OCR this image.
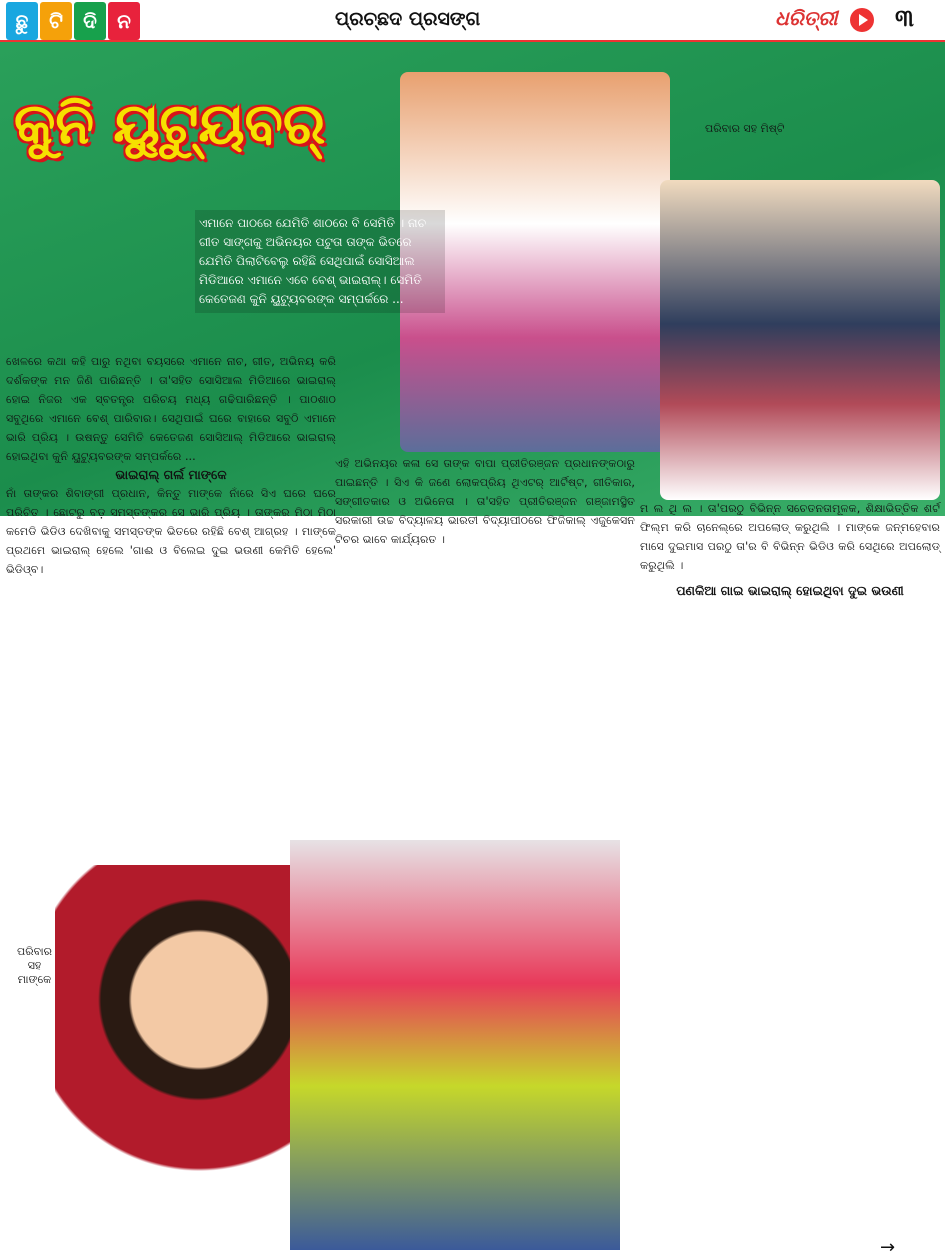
ଛୁ	ଟି	ଦି	ନ	ପ୍ରଚ୍ଛଦ ପ୍ରସଙ୍ଗ	ଧରିତ୍ରୀ ୩
କୁନି ୟୁଟ୍ୟୁବର୍
ଏମାନେ ପାଠରେ ଯେମିତି ଶାଠରେ ବି ସେମିତି । ନାଚ ଗୀତ ସାଙ୍ଗକୁ ଅଭିନୟର ପଟୁତା ତାଙ୍କ ଭିତରେ ଯେମିତି ପିଲାଟିବେଲୁ ରହିଛି ସେଥିପାଇଁ ସୋସିଆଲ ମିଡିଆରେ ଏମାନେ ଏବେ ବେଶ୍ ଭାଇରାଲ୍। ସେମିତି କେତେଜଣ କୁନି ୟୁଟ୍ୟୁବରଙ୍କ ସମ୍ପର୍କରେ ...
ପରିବାର ସହ ମିଷ୍ଟି
ଖେଳରେ କଥା କହି ପାରୁ ନଥିବା ବୟସରେ ଏମାନେ ନାଚ, ଗୀତ, ଅଭିନୟ କରି ଦର୍ଶକଙ୍କ ମନ ଜିଣି ପାରିଛନ୍ତି । ତା'ସହିତ ସୋସିଆଲ ମିଡିଆରେ ଭାଇରାଲ୍ ହୋଇ ନିଜର ଏକ ସ୍ବତନ୍ତ୍ର ପରିଚୟ ମଧ୍ୟ ଗଢିପାରିଛନ୍ତି । ପାଠଶାଠ ସବୁଥିରେ ଏମାନେ ବେଶ୍ ପାରିବାର। ସେଥିପାଇଁ ଘରେ ବାହାରେ ସବୁଠି ଏମାନେ ଭାରି ପ୍ରିୟ । ଉଷନ୍ତୁ ସେମିତି କେତେଜଣ ସୋସିଆଲ୍ ମିଡିଆରେ ଭାଇରାଲ୍ ହୋଇଥିବା କୁନି ୟୁଟ୍ୟୁବରଙ୍କ ସମ୍ପର୍କରେ ...
ଭାଇରାଲ୍ ଗର୍ଲ ମାଙ୍କେ
ନାଁ ତାଙ୍କର ଶିବାଙ୍ଗୀ ପ୍ରଧାନ, କିନ୍ତୁ ମାଙ୍କେ ନାଁରେ ସିଏ ଘରେ ଘରେ ପରିଚିତ । ଛୋଟରୁ ବଡ଼ ସମସ୍ତଙ୍କର ସେ ଭାରି ପ୍ରିୟ । ତାଙ୍କର ମିଠା ମିଠା କମେଡି ଭିଡିଓ ଦେଖିବାକୁ ସମସ୍ତଙ୍କ ଭିତରେ ରହିଛି ବେଶ୍ ଆଗ୍ରହ । ମାଙ୍କେ ପ୍ରଥମେ ଭାଇରାଲ୍ ହେଲେ 'ଗାଈ ଓ ବିଲେଇ ଦୁଇ ଭଉଣୀ କେମିତି ହେଲେ' ଭିଡିଓ୍ବ।
ଏହି ଅଭିନୟର କଳା ସେ ତାଙ୍କ ବାପା ପ୍ରୀତିରଞ୍ଜନ ପ୍ରଧାନଙ୍କଠାରୁ ପାଇଛନ୍ତି । ସିଏ କି ଜଣେ ଲୋକପ୍ରିୟ ଥିଏଟର୍ ଆର୍ଟିଷ୍ଟ, ଗୀତିକାର, ସଙ୍ଗୀତକାର ଓ ଅଭିନେତା । ତା'ସହିତ ପ୍ରୀତିରଞ୍ଜନ ଗଞ୍ଜାମସ୍ଥିତ ସରକାରୀ ଉଚ୍ଚ ବିଦ୍ୟାଳୟ ଭାରତୀ ବିଦ୍ୟାପୀଠରେ ଫିଜିକାଲ୍ ଏଜୁକେସନ ଟିଚର ଭାବେ କାର୍ଯ୍ୟରତ ।
ମ ଲ ଥି ଲ । ତା'ପରଠୁ ବିଭିନ୍ନ ସଚେତନତାମୂଳକ, ଶିକ୍ଷାଭିତ୍ତିକ ଶର୍ଟ ଫିଲ୍ମ କରି ଚାନେଲ୍ରେ ଅପଲୋଡ୍ କରୁଥିଲି । ମାଙ୍କେ ଜନ୍ମହେବାର ମାସେ ଦୁଇମାସ ପରଠୁ ତା'ର ବି ବିଭିନ୍ନ ଭିଡିଓ କରି ସେଥିରେ ଅପଲୋଡ୍ କରୁଥିଲି ।
ପଣକିଆ ଗାଇ ଭାଇରାଲ୍ ହୋଇଥିବା ଦୁଇ ଭଉଣୀ
ପରିବାର ସହ ମାଙ୍କେ
→
